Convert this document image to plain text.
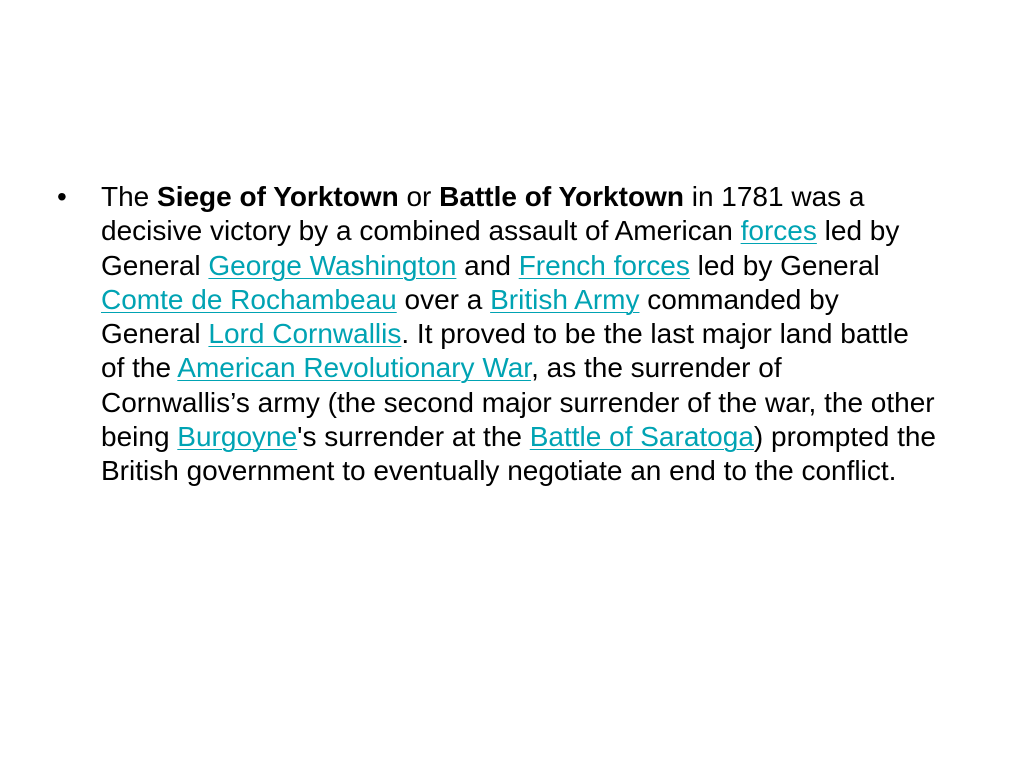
• The Siege of Yorktown or Battle of Yorktown in 1781 was a decisive victory by a combined assault of American forces led by General George Washington and French forces led by General Comte de Rochambeau over a British Army commanded by General Lord Cornwallis. It proved to be the last major land battle of the American Revolutionary War, as the surrender of Cornwallis’s army (the second major surrender of the war, the other being Burgoyne's surrender at the Battle of Saratoga) prompted the British government to eventually negotiate an end to the conflict.
